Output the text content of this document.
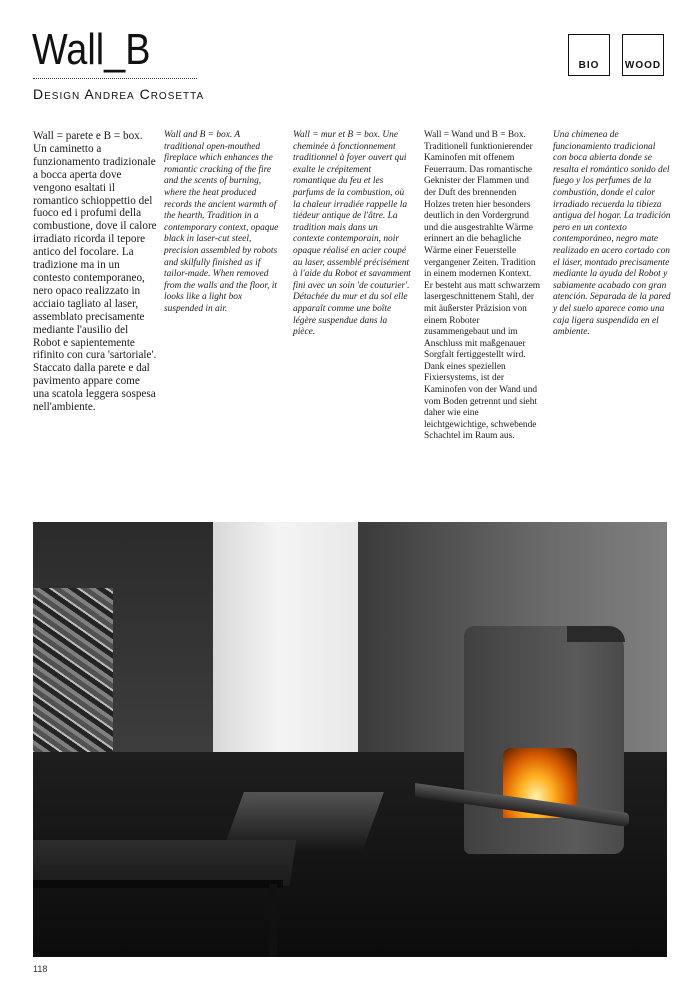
Wall_B
Design Andrea Crosetta
BIO	WOOD

Wall = parete e B = box. Un caminetto a funzionamento tradizionale a bocca aperta dove vengono esaltati il romantico schioppettio del fuoco ed i profumi della combustione, dove il calore irradiato ricorda il tepore antico del focolare. La tradizione ma in un contesto contemporaneo, nero opaco realizzato in acciaio tagliato al laser, assemblato precisamente mediante l'ausilio del Robot e sapientemente rifinito con cura 'sartoriale'. Staccato dalla parete e dal pavimento appare come una scatola leggera sospesa nell'ambiente.

Wall and B = box. A traditional open-mouthed fireplace which enhances the romantic cracking of the fire and the scents of burning, where the heat produced records the ancient warmth of the hearth. Tradition in a contemporary context, opaque black in laser-cut steel, precision assembled by robots and skilfully finished as if tailor-made. When removed from the walls and the floor, it looks like a light box suspended in air.

Wall = mur et B = box. Une cheminée à fonctionnement traditionnel à foyer ouvert qui exalte le crépitement romantique du feu et les parfums de la combustion, où la chaleur irradiée rappelle la tiédeur antique de l'âtre. La tradition mais dans un contexte contemporain, noir opaque réalisé en acier coupé au laser, assemblé précisément à l'aide du Robot et savamment fini avec un soin 'de couturier'. Détachée du mur et du sol elle apparaît comme une boîte légère suspendue dans la pièce.

Wall = Wand und B = Box. Traditionell funktionierender Kaminofen mit offenem Feuerraum. Das romantische Geknister der Flammen und der Duft des brennenden Holzes treten hier besonders deutlich in den Vordergrund und die ausgestrahlte Wärme erinnert an die behagliche Wärme einer Feuerstelle vergangener Zeiten. Tradition in einem modernen Kontext. Er besteht aus matt schwarzem lasergeschnittenem Stahl, der mit äußerster Präzision von einem Roboter zusammengebaut und im Anschluss mit maßgenauer Sorgfalt fertiggestellt wird. Dank eines speziellen Fixiersystems, ist der Kaminofen von der Wand und vom Boden getrennt und sieht daher wie eine leichtgewichtige, schwebende Schachtel im Raum aus.

Una chimenea de funcionamiento tradicional con boca abierta donde se resalta el romántico sonido del fuego y los perfumes de la combustión, donde el calor irradiado recuerda la tibieza antigua del hogar. La tradición pero en un contexto contemporáneo, negro mate realizado en acero cortado con el láser, montado precisamente mediante la ayuda del Robot y sabiamente acabado con gran atención. Separada de la pared y del suelo aparece como una caja ligera suspendida en el ambiente.

118
